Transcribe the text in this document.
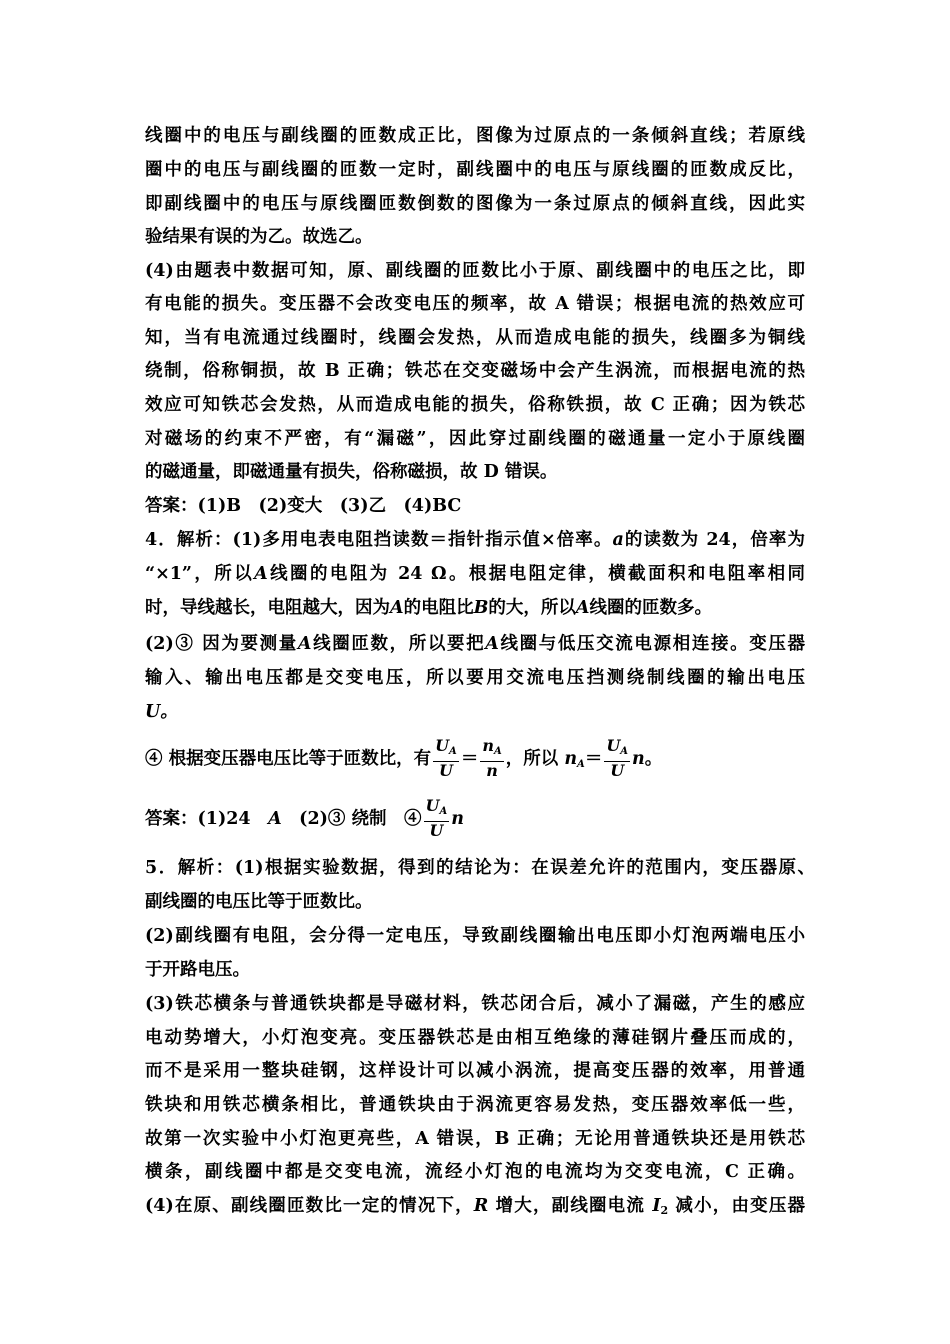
线圈中的电压与副线圈的匝数成正比，图像为过原点的一条倾斜直线；若原线
圈中的电压与副线圈的匝数一定时，副线圈中的电压与原线圈的匝数成反比，
即副线圈中的电压与原线圈匝数倒数的图像为一条过原点的倾斜直线，因此实
验结果有误的为乙。故选乙。
(4)由题表中数据可知，原、副线圈的匝数比小于原、副线圈中的电压之比，即
有电能的损失。变压器不会改变电压的频率，故 A 错误；根据电流的热效应可
知，当有电流通过线圈时，线圈会发热，从而造成电能的损失，线圈多为铜线
绕制，俗称铜损，故 B 正确；铁芯在交变磁场中会产生涡流，而根据电流的热
效应可知铁芯会发热，从而造成电能的损失，俗称铁损，故 C 正确；因为铁芯
对磁场的约束不严密，有“漏磁”，因此穿过副线圈的磁通量一定小于原线圈
的磁通量，即磁通量有损失，俗称磁损，故 D 错误。
答案：(1)B　(2)变大　(3)乙　(4)BC
4．解析：(1)多用电表电阻挡读数＝指针指示值×倍率。a的读数为 24，倍率为
“×1”，所以A线圈的电阻为 24 Ω。根据电阻定律，横截面积和电阻率相同
时，导线越长，电阻越大，因为A的电阻比B的大，所以A线圈的匝数多。
(2)③ 因为要测量A线圈匝数，所以要把A线圈与低压交流电源相连接。变压器
输入、输出电压都是交变电压，所以要用交流电压挡测绕制线圈的输出电压
U。
④ 根据变压器电压比等于匝数比，有 $\frac{U_A}{U} = \frac{n_A}{n}$ ，所以 $n_A= \frac{U_A}{U}$ n。
答案：(1)24　A　(2)③ 绕制　④ $\frac{U_A}{U}$ n
5．解析：(1)根据实验数据，得到的结论为：在误差允许的范围内，变压器原、
副线圈的电压比等于匝数比。
(2)副线圈有电阻，会分得一定电压，导致副线圈输出电压即小灯泡两端电压小
于开路电压。
(3)铁芯横条与普通铁块都是导磁材料，铁芯闭合后，减小了漏磁，产生的感应
电动势增大，小灯泡变亮。变压器铁芯是由相互绝缘的薄硅钢片叠压而成的，
而不是采用一整块硅钢，这样设计可以减小涡流，提高变压器的效率，用普通
铁块和用铁芯横条相比，普通铁块由于涡流更容易发热，变压器效率低一些，
故第一次实验中小灯泡更亮些，A 错误，B 正确；无论用普通铁块还是用铁芯
横条，副线圈中都是交变电流，流经小灯泡的电流均为交变电流，C 正确。
(4)在原、副线圈匝数比一定的情况下，R 增大，副线圈电流 I2 减小，由变压器
